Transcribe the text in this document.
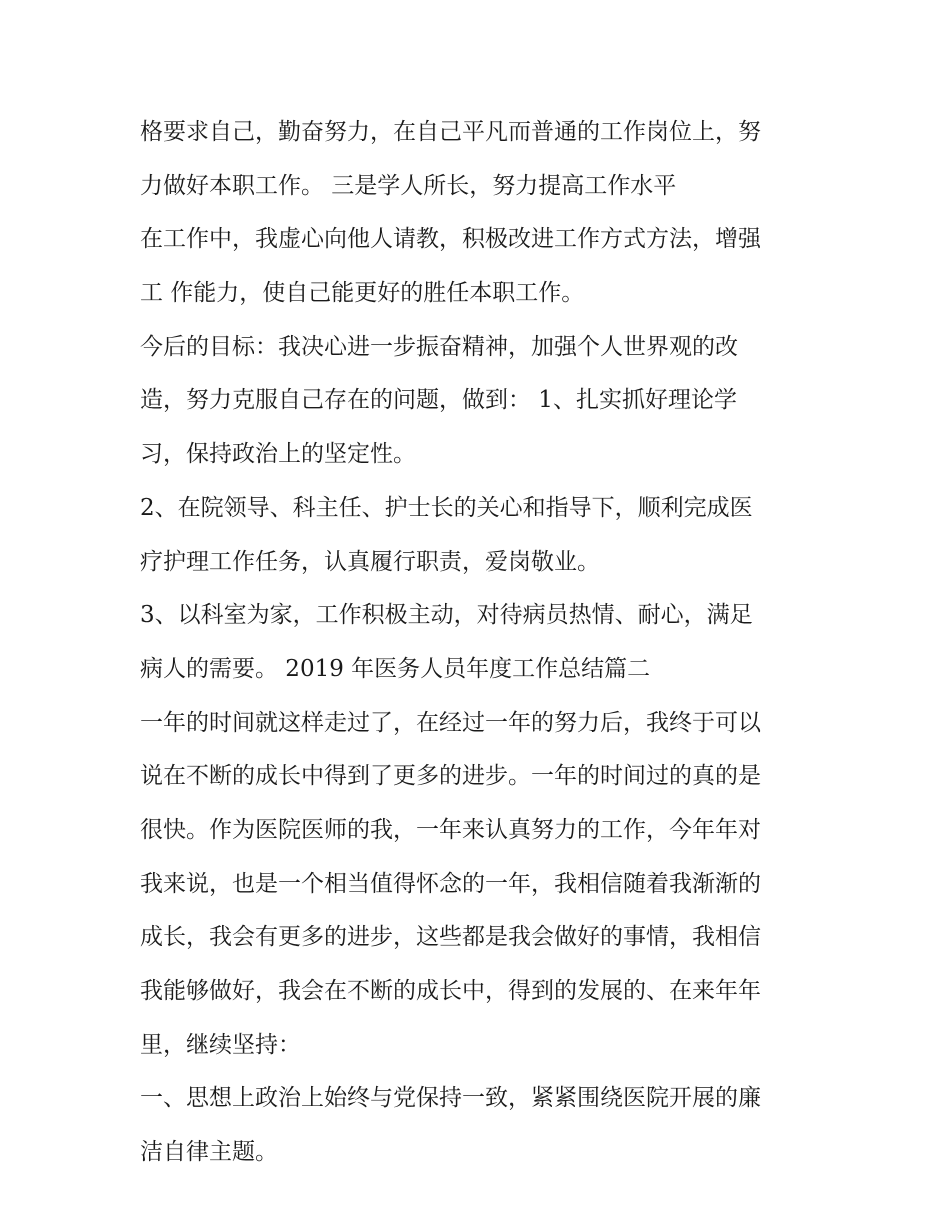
格要求自己，勤奋努力，在自己平凡而普通的工作岗位上，努
力做好本职工作。 三是学人所长，努力提高工作水平
在工作中，我虚心向他人请教，积极改进工作方式方法，增强
工 作能力，使自己能更好的胜任本职工作。
今后的目标：我决心进一步振奋精神，加强个人世界观的改
造，努力克服自己存在的问题，做到： 1、扎实抓好理论学
习，保持政治上的坚定性。
2、在院领导、科主任、护士长的关心和指导下，顺利完成医
疗护理工作任务，认真履行职责，爱岗敬业。
3、以科室为家，工作积极主动，对待病员热情、耐心，满足
病人的需要。 2019 年医务人员年度工作总结篇二
一年的时间就这样走过了，在经过一年的努力后，我终于可以
说在不断的成长中得到了更多的进步。一年的时间过的真的是
很快。作为医院医师的我，一年来认真努力的工作，今年年对
我来说，也是一个相当值得怀念的一年，我相信随着我渐渐的
成长，我会有更多的进步，这些都是我会做好的事情，我相信
我能够做好，我会在不断的成长中，得到的发展的、在来年年
里，继续坚持：
一、思想上政治上始终与党保持一致，紧紧围绕医院开展的廉
洁自律主题。
